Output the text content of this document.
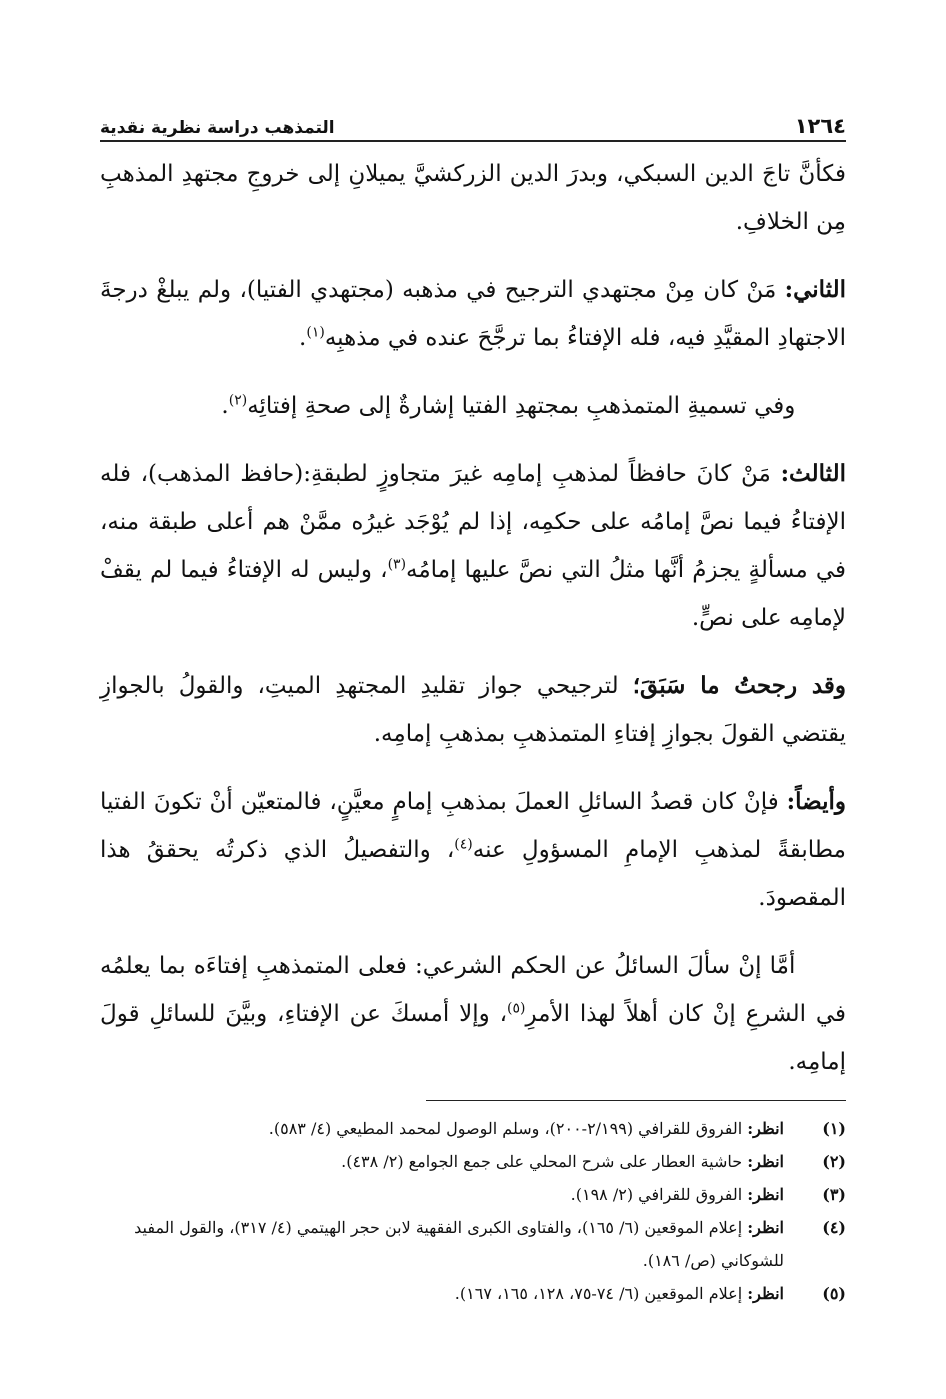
١٢٦٤
التمذهب دراسة نظرية نقدية

فكأنَّ تاجَ الدين السبكي، وبدرَ الدين الزركشيَّ يميلانِ إلى خروجِ مجتهدِ المذهبِ مِن الخلافِ.

الثاني: مَنْ كان مِنْ مجتهدي الترجيح في مذهبه (مجتهدي الفتيا)، ولم يبلغْ درجةَ الاجتهادِ المقيَّدِ فيه، فله الإفتاءُ بما ترجَّحَ عنده في مذهبِه$^{(١)}$.

وفي تسميةِ المتمذهبِ بمجتهدِ الفتيا إشارةٌ إلى صحةِ إفتائِه$^{(٢)}$.

الثالث: مَنْ كانَ حافظاً لمذهبِ إمامِه غيرَ متجاوزٍ لطبقةِ:(حافظ المذهب)، فله الإفتاءُ فيما نصَّ إمامُه على حكمِه، إذا لم يُوْجَد غيرُه ممَّنْ هم أعلى طبقة منه، في مسألةٍ يجزمُ أنَّها مثلُ التي نصَّ عليها إمامُه$^{(٣)}$، وليس له الإفتاءُ فيما لم يقفْ لإمامِه على نصٍّ.

وقد رجحتُ ما سَبَقَ؛ لترجيحي جواز تقليدِ المجتهدِ الميتِ، والقولُ بالجوازِ يقتضي القولَ بجوازِ إفتاءِ المتمذهبِ بمذهبِ إمامِه.

وأيضاً: فإنْ كان قصدُ السائلِ العملَ بمذهبِ إمامٍ معيَّنٍ، فالمتعيّن أنْ تكونَ الفتيا مطابقةً لمذهبِ الإمامِ المسؤولِ عنه$^{(٤)}$، والتفصيلُ الذي ذكرتُه يحققُ هذا المقصودَ.

أمَّا إنْ سألَ السائلُ عن الحكم الشرعي: فعلى المتمذهبِ إفتاءَه بما يعلمُه في الشرعِ إنْ كان أهلاً لهذا الأمرِ$^{(٥)}$، وإلا أمسكَ عن الإفتاءِ، وبيَّنَ للسائلِ قولَ إمامِه.

(١)
انظر: الفروق للقرافي (٢/١٩٩-٢٠٠)، وسلم الوصول لمحمد المطيعي (٤/ ٥٨٣).
(٢)
انظر: حاشية العطار على شرح المحلي على جمع الجوامع (٢/ ٤٣٨).
(٣)
انظر: الفروق للقرافي (٢/ ١٩٨).
(٤)
انظر: إعلام الموقعين (٦/ ١٦٥)، والفتاوى الكبرى الفقهية لابن حجر الهيتمي (٤/ ٣١٧)، والقول المفيد للشوكاني (ص/ ١٨٦).
(٥)
انظر: إعلام الموقعين (٦/ ٧٤-٧٥، ١٢٨، ١٦٥، ١٦٧).
